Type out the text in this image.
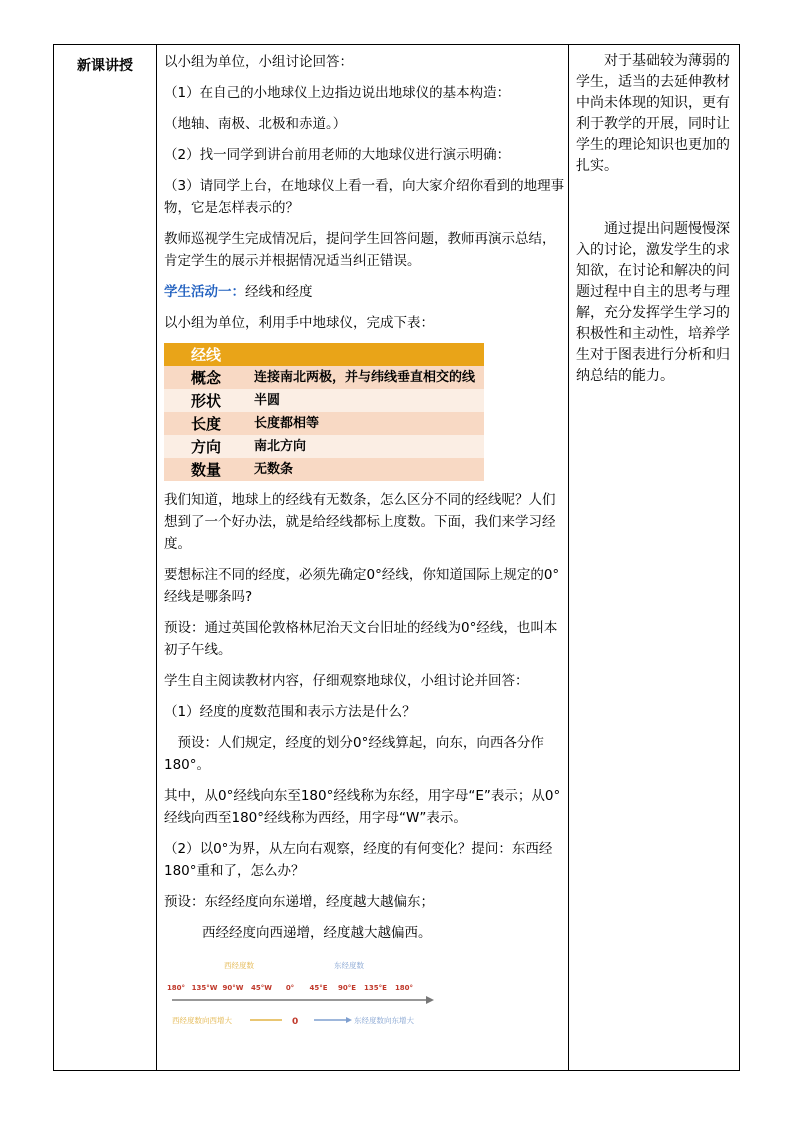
新课讲授	以小组为单位，小组讨论回答：

（1）在自己的小地球仪上边指边说出地球仪的基本构造：

（地轴、南极、北极和赤道。）

（2）找一同学到讲台前用老师的大地球仪进行演示明确：

（3）请同学上台，在地球仪上看一看，向大家介绍你看到的地理事物，它是怎样表示的？

教师巡视学生完成情况后，提问学生回答问题，教师再演示总结，肯定学生的展示并根据情况适当纠正错误。

学生活动一：经线和经度

以小组为单位，利用手中地球仪，完成下表：

经线	
概念	连接南北两极，并与纬线垂直相交的线
形状	半圆
长度	长度都相等
方向	南北方向
数量	无数条

我们知道，地球上的经线有无数条，怎么区分不同的经线呢？人们想到了一个好办法，就是给经线都标上度数。下面，我们来学习经度。

要想标注不同的经度，必须先确定0°经线，你知道国际上规定的0°经线是哪条吗?

预设：通过英国伦敦格林尼治天文台旧址的经线为0°经线，也叫本初子午线。

学生自主阅读教材内容，仔细观察地球仪，小组讨论并回答：

（1）经度的度数范围和表示方法是什么？

预设：人们规定，经度的划分0°经线算起，向东，向西各分作180°。

其中，从0°经线向东至180°经线称为东经，用字母“E”表示；从0°经线向西至180°经线称为西经，用字母“W”表示。

（2）以0°为界，从左向右观察，经度的有何变化？提问：东西经180°重和了，怎么办？

预设：东经经度向东递增，经度越大越偏东；

西经经度向西递增，经度越大越偏西。

西经度数	东经度数
180° 135°W 90°W 45°W 0° 45°E 90°E 135°E 180°
西经度数向西增大	0	东经度数向东增大

对于基础较为薄弱的学生，适当的去延伸教材中尚未体现的知识，更有利于教学的开展，同时让学生的理论知识也更加的扎实。

通过提出问题慢慢深入的讨论，激发学生的求知欲，在讨论和解决的问题过程中自主的思考与理解，充分发挥学生学习的积极性和主动性，培养学生对于图表进行分析和归纳总结的能力。
